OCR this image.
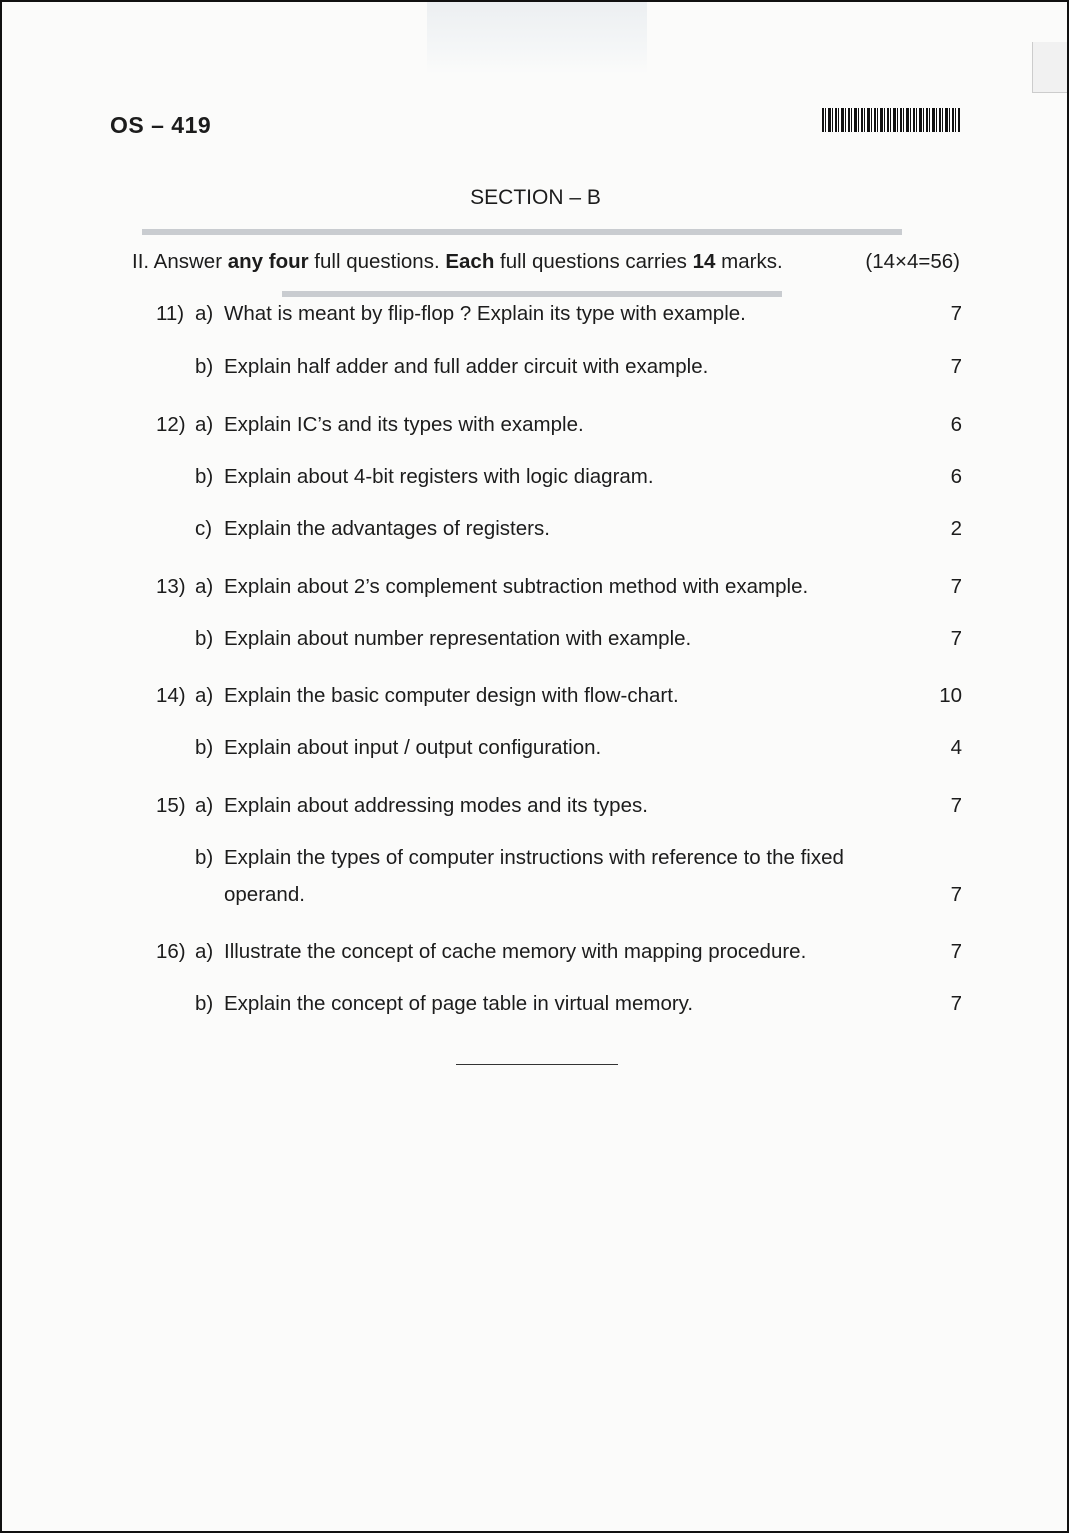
▬▬▬▬▬▬▬▬▬▬▬▬▬▬▬▬▬▬▬▬▬▬▬▬▬▬▬▬▬▬▬▬▬▬▬▬▬▬
▬▬▬▬▬▬▬▬▬▬▬▬▬▬▬▬▬▬▬▬▬▬▬▬▬
OS – 419
SECTION – B
II. Answer any four full questions. Each full questions carries 14 marks.	(14×4=56)
11) a) What is meant by flip-flop ? Explain its type with example.	7
b) Explain half adder and full adder circuit with example.	7
12) a) Explain IC’s and its types with example.	6
b) Explain about 4-bit registers with logic diagram.	6
c) Explain the advantages of registers.	2
13) a) Explain about 2’s complement subtraction method with example.	7
b) Explain about number representation with example.	7
14) a) Explain the basic computer design with flow-chart.	10
b) Explain about input / output configuration.	4
15) a) Explain about addressing modes and its types.	7
b) Explain the types of computer instructions with reference to the fixed operand.	7
16) a) Illustrate the concept of cache memory with mapping procedure.	7
b) Explain the concept of page table in virtual memory.	7
